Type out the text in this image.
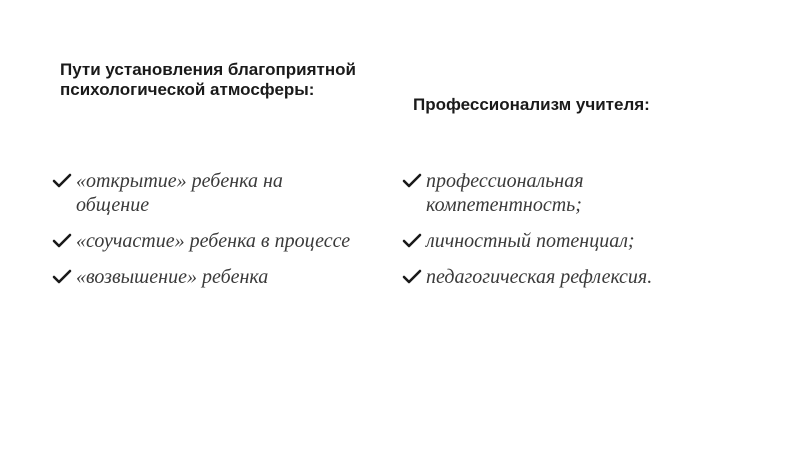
Пути установления благоприятной психологической атмосферы:
Профессионализм учителя:
«открытие» ребенка на общение
«соучастие» ребенка в процессе
«возвышение» ребенка
профессиональная компетентность;
личностный потенциал;
педагогическая рефлексия.
